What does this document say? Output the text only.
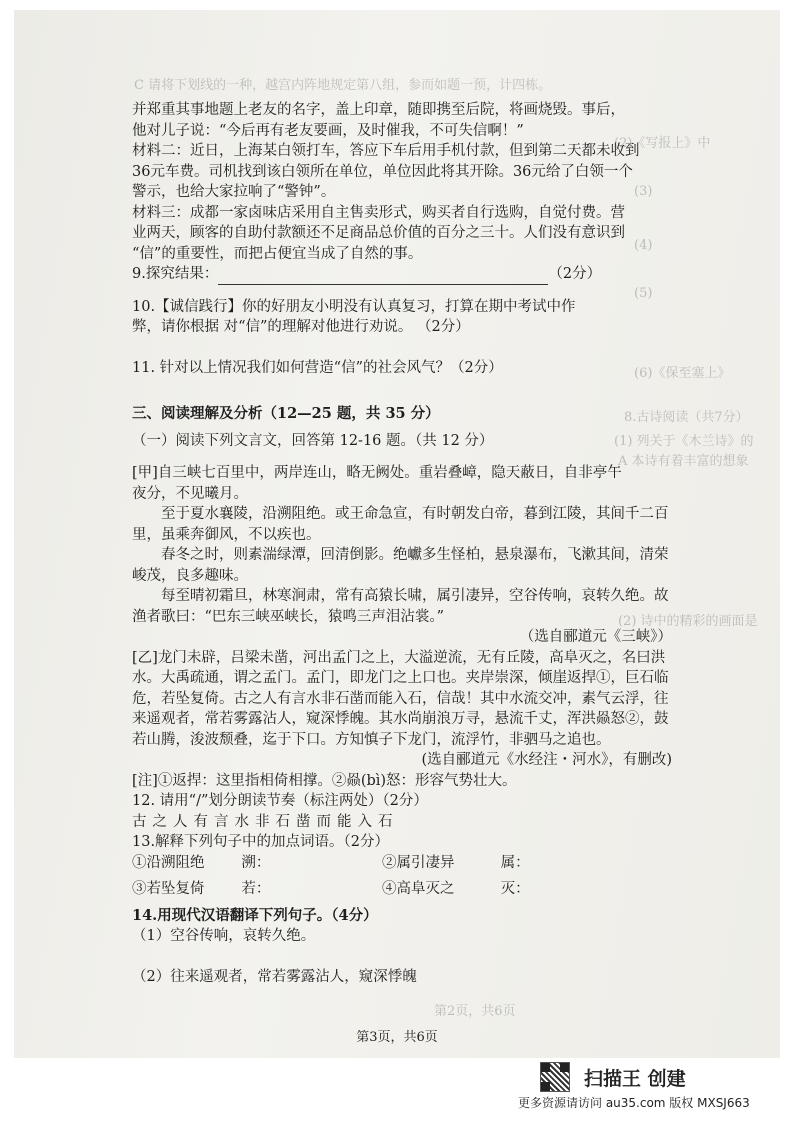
C 请将下划线的一种，越宫内阵地规定第八组，参而如题一预，计四栋。
(2)《写报上》中
(3)
(4)
(5)
(6)《保至塞上》
8.古诗阅读（共7分）
(1) 列关于《木兰诗》的
A 本诗有着丰富的想象
(2) 诗中的精彩的画面是
第2页，共6页

并郑重其事地题上老友的名字，盖上印章，随即携至后院，将画烧毁。事后，

他对儿子说：“今后再有老友要画，及时催我，不可失信啊！”

材料二：近日，上海某白领打车，答应下车后用手机付款，但到第二天都未收到

36元车费。司机找到该白领所在单位，单位因此将其开除。36元给了白领一个

警示，也给大家拉响了“警钟”。

材料三：成都一家卤味店采用自主售卖形式，购买者自行选购，自觉付费。营

业两天，顾客的自助付款额还不足商品总价值的百分之三十。人们没有意识到

“信”的重要性，而把占便宜当成了自然的事。

9.探究结果：	（2分）

10.【诚信践行】你的好朋友小明没有认真复习，打算在期中考试中作

弊，请你根据 对“信”的理解对他进行劝说。 （2分）

11. 针对以上情况我们如何营造“信”的社会风气？（2分）

三、阅读理解及分析（12—25 题，共 35 分）

（一）阅读下列文言文，回答第 12-16 题。（共 12 分）

[甲]自三峡七百里中，两岸连山，略无阙处。重岩叠嶂，隐天蔽日，自非亭午

夜分，不见曦月。

至于夏水襄陵，沿溯阻绝。或王命急宣，有时朝发白帝，暮到江陵，其间千二百里，虽乘奔御风，不以疾也。

春冬之时，则素湍绿潭，回清倒影。绝巘多生怪柏，悬泉瀑布，飞漱其间，清荣峻茂，良多趣味。

每至晴初霜旦，林寒涧肃，常有高猿长啸，属引凄异，空谷传响，哀转久绝。故渔者歌曰：“巴东三峡巫峡长，猿鸣三声泪沾裳。”

（选自郦道元《三峡》）

[乙]龙门未辟，吕梁未凿，河出孟门之上，大溢逆流，无有丘陵，高阜灭之，名曰洪水。大禹疏通，谓之孟门。孟门，即龙门之上口也。夹岸崇深，倾崖返捍①，巨石临危，若坠复倚。古之人有言水非石凿而能入石，信哉！其中水流交冲，素气云浮，往来遥观者，常若雾露沾人，窥深悸魄。其水尚崩浪万寻，悬流千丈，浑洪赑怒②，鼓若山腾，浚波颓叠，迄于下口。方知慎子下龙门，流浮竹，非驷马之追也。

(选自郦道元《水经注・河水》，有删改)

[注]①返捍：这里指相倚相撑。②赑(bì)怒：形容气势壮大。

12. 请用“/”划分朗读节奏（标注两处）（2分）

古之人有言水非石凿而能入石

13.解释下列句子中的加点词语。（2分）

①沿溯阻绝        溯：	②属引凄异          属：
③若坠复倚        若：	④高阜灭之          灭：

14.用现代汉语翻译下列句子。（4分）

（1）空谷传响，哀转久绝。

（2）往来遥观者，常若雾露沾人，窥深悸魄

第3页，共6页
扫描王 创建
更多资源请访问 au35.com 版权 MXSJ663
